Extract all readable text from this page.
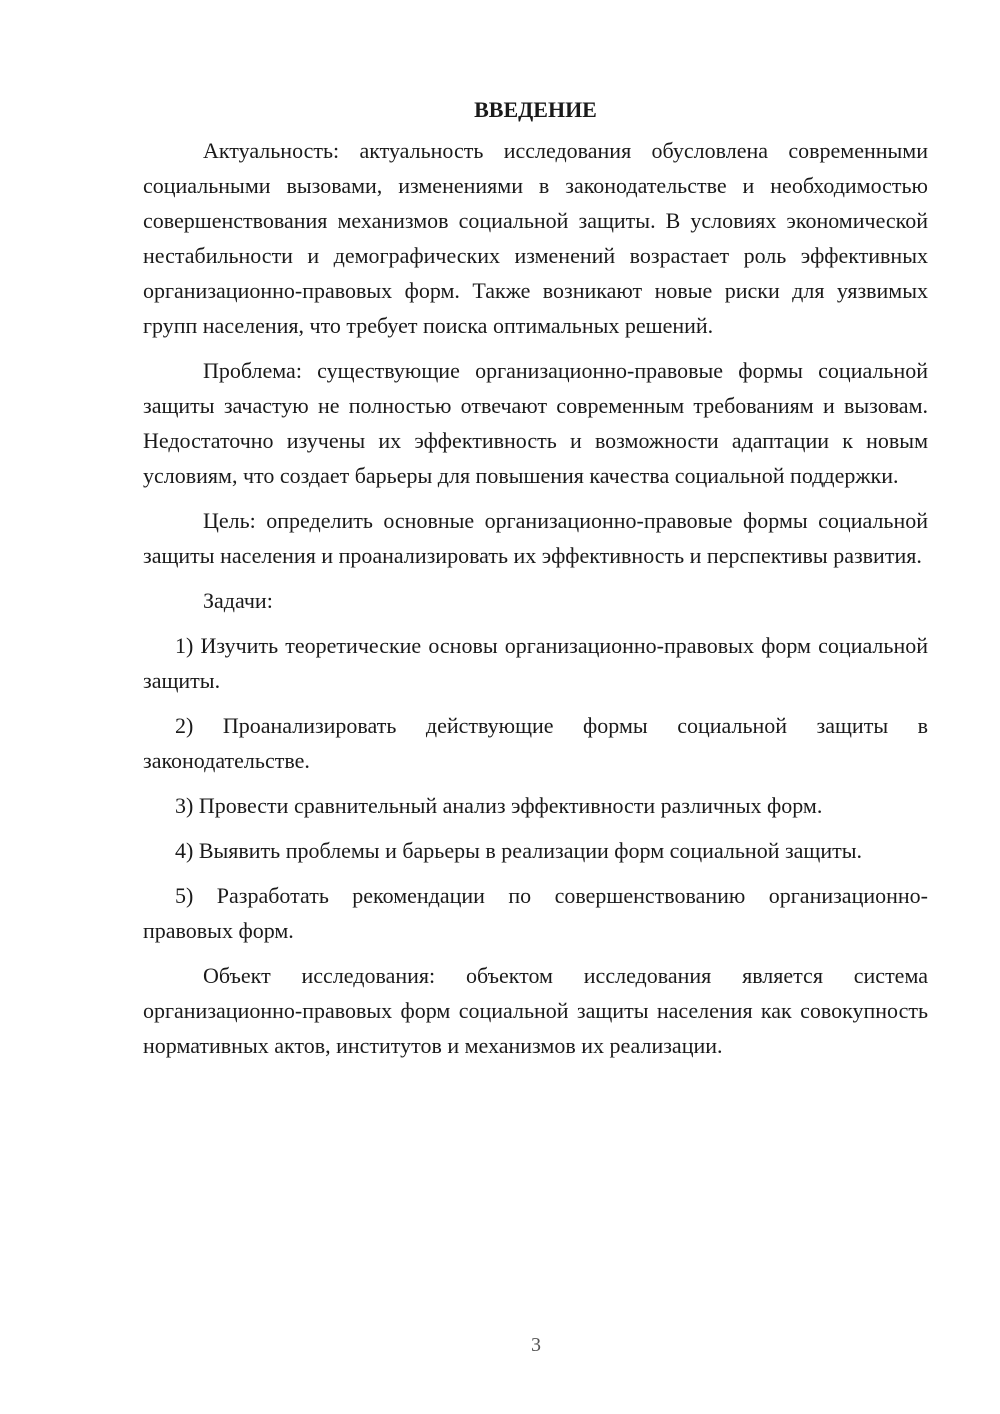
ВВЕДЕНИЕ

Актуальность: актуальность исследования обусловлена современными социальными вызовами, изменениями в законодательстве и необходимостью совершенствования механизмов социальной защиты. В условиях экономической нестабильности и демографических изменений возрастает роль эффективных организационно-правовых форм. Также возникают новые риски для уязвимых групп населения, что требует поиска оптимальных решений.

Проблема: существующие организационно-правовые формы социальной защиты зачастую не полностью отвечают современным требованиям и вызовам. Недостаточно изучены их эффективность и возможности адаптации к новым условиям, что создает барьеры для повышения качества социальной поддержки.

Цель: определить основные организационно-правовые формы социальной защиты населения и проанализировать их эффективность и перспективы развития.

Задачи:

1) Изучить теоретические основы организационно-правовых форм социальной защиты.

2) Проанализировать действующие формы социальной защиты в законодательстве.

3) Провести сравнительный анализ эффективности различных форм.

4) Выявить проблемы и барьеры в реализации форм социальной защиты.

5) Разработать рекомендации по совершенствованию организационно-правовых форм.

Объект исследования: объектом исследования является система организационно-правовых форм социальной защиты населения как совокупность нормативных актов, институтов и механизмов их реализации.

3
